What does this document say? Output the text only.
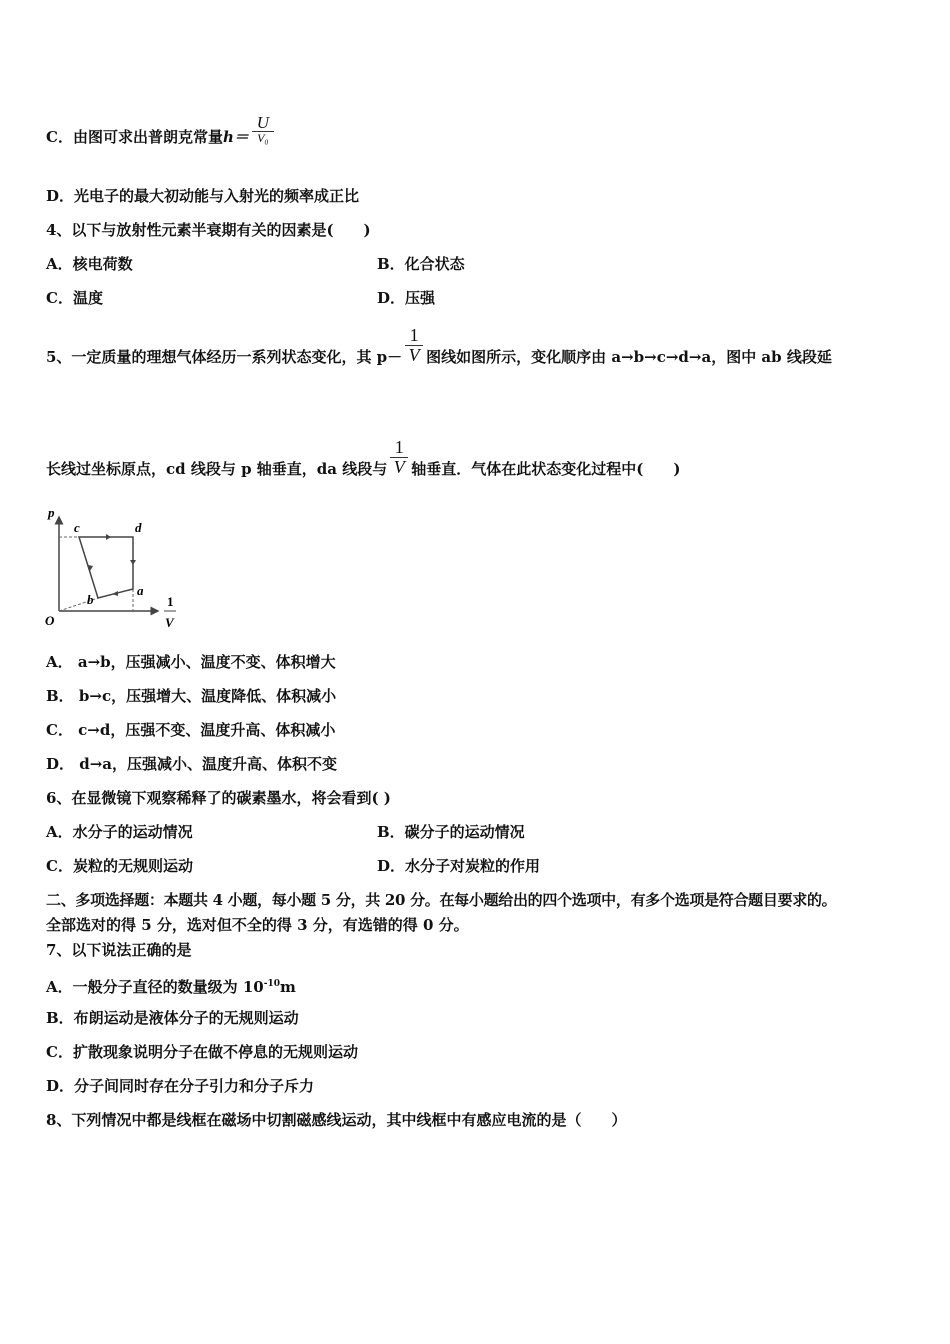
C．由图可求出普朗克常量h＝
U
V₀
D．光电子的最大初动能与入射光的频率成正比
4、以下与放射性元素半衰期有关的因素是(　　)
A．核电荷数	B．化合状态
C．温度	D．压强
5、一定质量的理想气体经历一系列状态变化，其 $p- \frac{1}{V}$ 图线如图所示，变化顺序由 a→b→c→d→a，图中 ab 线段延
长线过坐标原点，cd 线段与 p 轴垂直，da 线段与 $\frac{1}{V}$ 轴垂直．气体在此状态变化过程中(　　)
p
O
c	d
a
b	1
V
A． a→b，压强减小、温度不变、体积增大
B． b→c，压强增大、温度降低、体积减小
C． c→d，压强不变、温度升高、体积减小
D． d→a，压强减小、温度升高、体积不变
6、在显微镜下观察稀释了的碳素墨水，将会看到( )
A．水分子的运动情况	B．碳分子的运动情况
C．炭粒的无规则运动	D．水分子对炭粒的作用
二、多项选择题：本题共 4 小题，每小题 5 分，共 20 分。在每小题给出的四个选项中，有多个选项是符合题目要求的。
全部选对的得 5 分，选对但不全的得 3 分，有选错的得 0 分。
7、以下说法正确的是
A．一般分子直径的数量级为 $10^{-10}m$
B．布朗运动是液体分子的无规则运动
C．扩散现象说明分子在做不停息的无规则运动
D．分子间同时存在分子引力和分子斥力
8、下列情况中都是线框在磁场中切割磁感线运动，其中线框中有感应电流的是（　　）
